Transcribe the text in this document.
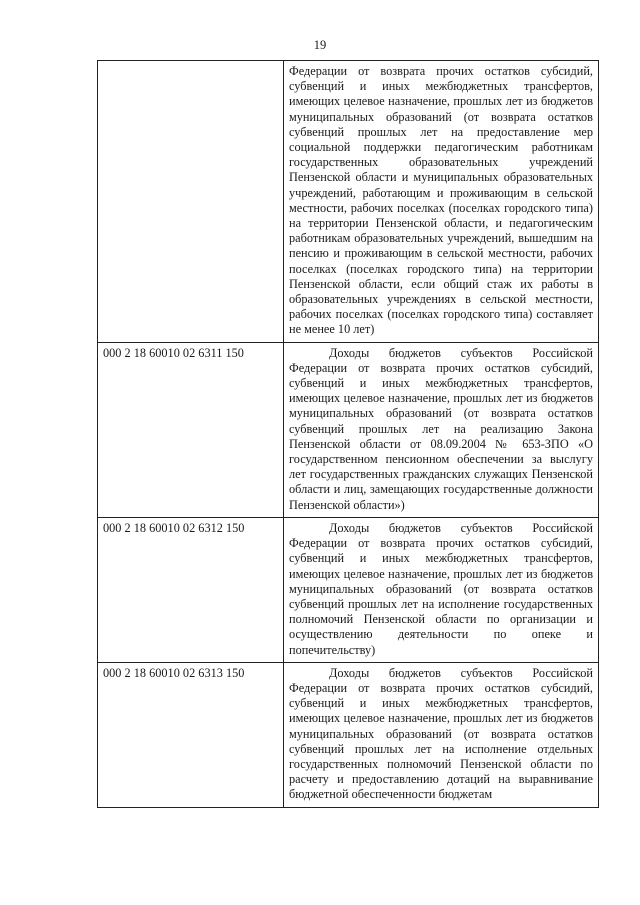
19
	Федерации от возврата прочих остатков субсидий, субвенций и иных межбюджетных трансфертов, имеющих целевое назначение, прошлых лет из бюджетов муниципальных образований (от возврата остатков субвенций прошлых лет на предоставление мер социальной поддержки педагогическим работникам государственных образовательных учреждений Пензенской области и муниципальных образовательных учреждений, работающим и проживающим в сельской местности, рабочих поселках (поселках городского типа) на территории Пензенской области, и педагогическим работникам образовательных учреждений, вышедшим на пенсию и проживающим в сельской местности, рабочих поселках (поселках городского типа) на территории Пензенской области, если общий стаж их работы в образовательных учреждениях в сельской местности, рабочих поселках (поселках городского типа) составляет не менее 10 лет)
000 2 18 60010 02 6311 150	Доходы бюджетов субъектов Российской Федерации от возврата прочих остатков субсидий, субвенций и иных межбюджетных трансфертов, имеющих целевое назначение, прошлых лет из бюджетов муниципальных образований (от возврата остатков субвенций прошлых лет на реализацию Закона Пензенской области от 08.09.2004 № 653-ЗПО «О государственном пенсионном обеспечении за выслугу лет государственных гражданских служащих Пензенской области и лиц, замещающих государственные должности Пензенской области»)

000 2 18 60010 02 6312 150	Доходы бюджетов субъектов Российской Федерации от возврата прочих остатков субсидий, субвенций и иных межбюджетных трансфертов, имеющих целевое назначение, прошлых лет из бюджетов муниципальных образований (от возврата остатков субвенций прошлых лет на исполнение государственных полномочий Пензенской области по организации и осуществлению деятельности по опеке и попечительству)

000 2 18 60010 02 6313 150	Доходы бюджетов субъектов Российской Федерации от возврата прочих остатков субсидий, субвенций и иных межбюджетных трансфертов, имеющих целевое назначение, прошлых лет из бюджетов муниципальных образований (от возврата остатков субвенций прошлых лет на исполнение отдельных государственных полномочий Пензенской области по расчету и предоставлению дотаций на выравнивание бюджетной обеспеченности бюджетам
